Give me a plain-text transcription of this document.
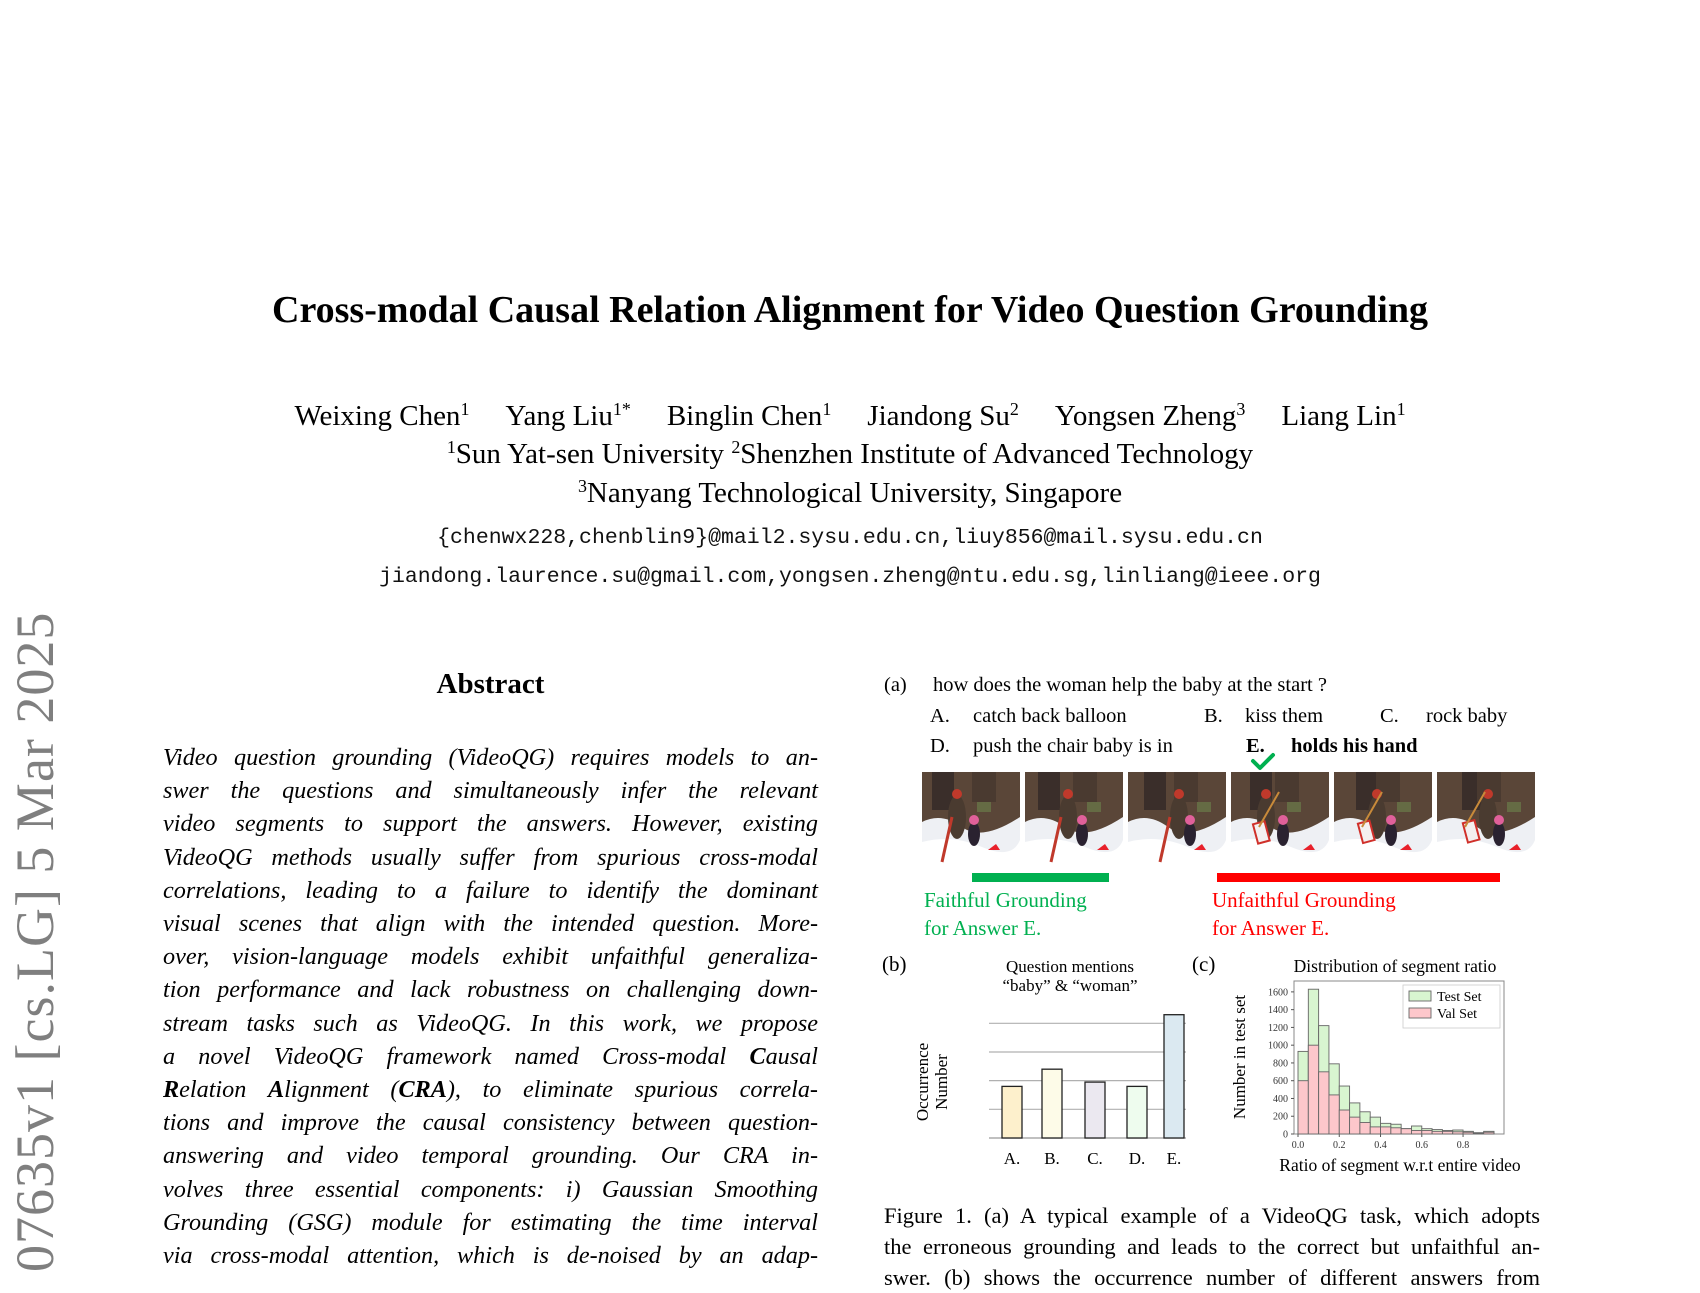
07635v1 [cs.LG] 5 Mar 2025
Cross-modal Causal Relation Alignment for Video Question Grounding
Weixing Chen$^1$ Yang Liu$^{1*}$ Binglin Chen$^1$ Jiandong Su$^2$ Yongsen Zheng$^3$ Liang Lin$^1$
$^1$Sun Yat-sen University $^2$Shenzhen Institute of Advanced Technology
$^3$Nanyang Technological University, Singapore
{chenwx228,chenblin9}@mail2.sysu.edu.cn,liuy856@mail.sysu.edu.cn
jiandong.laurence.su@gmail.com,yongsen.zheng@ntu.edu.sg,linliang@ieee.org
Abstract
Video question grounding (VideoQG) requires models to an-
swer the questions and simultaneously infer the relevant
video segments to support the answers. However, existing
VideoQG methods usually suffer from spurious cross-modal
correlations, leading to a failure to identify the dominant
visual scenes that align with the intended question. More-
over, vision-language models exhibit unfaithful generaliza-
tion performance and lack robustness on challenging down-
stream tasks such as VideoQG. In this work, we propose
a novel VideoQG framework named Cross-modal Causal
Relation Alignment (CRA), to eliminate spurious correla-
tions and improve the causal consistency between question-
answering and video temporal grounding. Our CRA in-
volves three essential components: i) Gaussian Smoothing
Grounding (GSG) module for estimating the time interval
via cross-modal attention, which is de-noised by an adap-
(a) how does the woman help the baby at the start ?
A. catch back balloon	B. kiss them	C. rock baby
D. push the chair baby is in	E. holds his hand
Faithful Grounding
for Answer E.
Unfaithful Grounding
for Answer E.
(b)	Question mentions
“baby” & “woman”
Occurrence Number
A. B. C. D. E.
(c)	Distribution of segment ratio
Number in test set
Ratio of segment w.r.t entire video
0
200
400
600
800
1000
1200
1400
1600
0.0	0.2	0.4	0.6	0.8
Test Set
Val Set
Figure 1. (a) A typical example of a VideoQG task, which adopts
the erroneous grounding and leads to the correct but unfaithful an-
swer. (b) shows the occurrence number of different answers from
